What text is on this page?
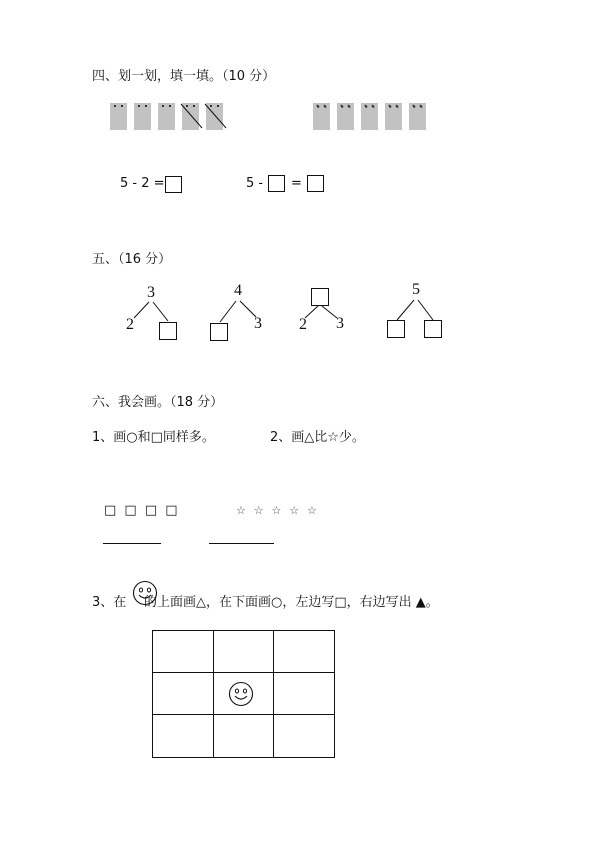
四、划一划，填一填。（10 分）
5 - 2 =	5 - =
五、（16 分）
3
2
4
3 2 3
5
六、我会画。（18 分）
1、画○和□同样多。	2、画△比☆少。
□ □ □ □	☆ ☆ ☆ ☆ ☆
3、在 的上面画△，在下面画○，左边写□，右边写出 ▲。
